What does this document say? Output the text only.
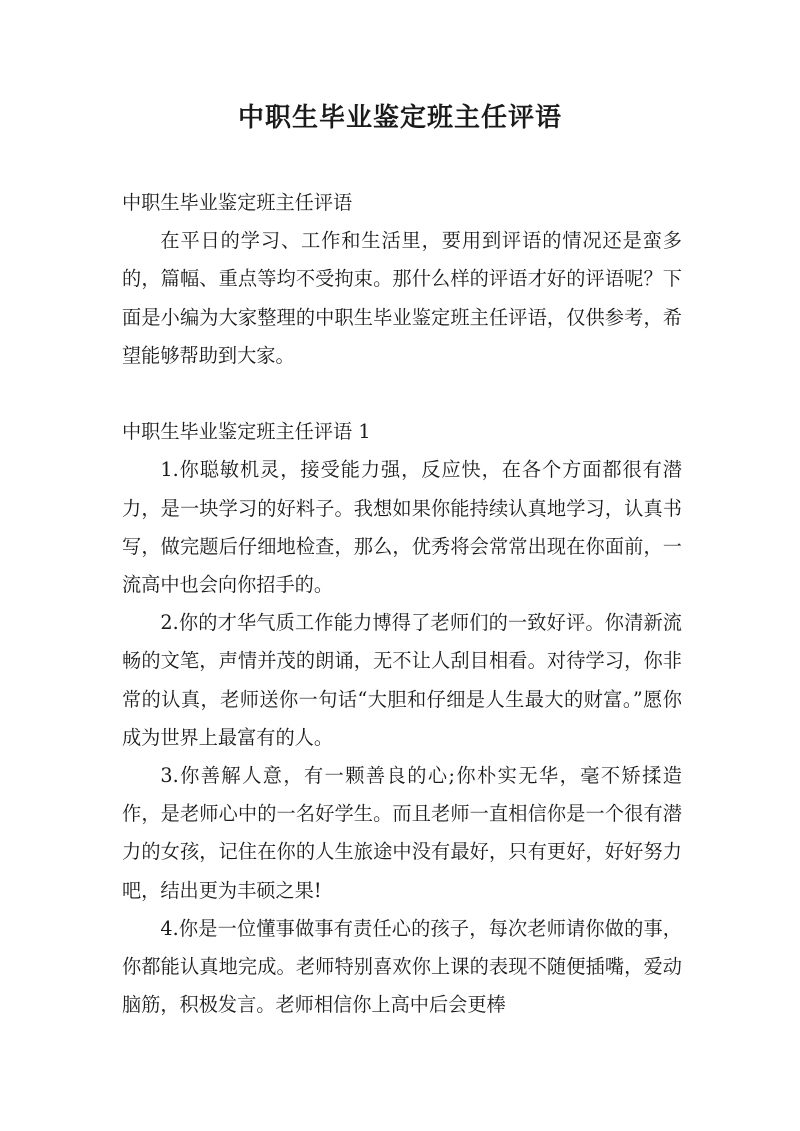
中职生毕业鉴定班主任评语

中职生毕业鉴定班主任评语

在平日的学习、工作和生活里，要用到评语的情况还是蛮多的，篇幅、重点等均不受拘束。那什么样的评语才好的评语呢？下面是小编为大家整理的中职生毕业鉴定班主任评语，仅供参考，希望能够帮助到大家。

中职生毕业鉴定班主任评语 1

1.你聪敏机灵，接受能力强，反应快，在各个方面都很有潜力，是一块学习的好料子。我想如果你能持续认真地学习，认真书写，做完题后仔细地检查，那么，优秀将会常常出现在你面前，一流高中也会向你招手的。

2.你的才华气质工作能力博得了老师们的一致好评。你清新流畅的文笔，声情并茂的朗诵，无不让人刮目相看。对待学习，你非常的认真，老师送你一句话“大胆和仔细是人生最大的财富。”愿你成为世界上最富有的人。

3.你善解人意，有一颗善良的心;你朴实无华，毫不矫揉造作，是老师心中的一名好学生。而且老师一直相信你是一个很有潜力的女孩，记住在你的人生旅途中没有最好，只有更好，好好努力吧，结出更为丰硕之果!

4.你是一位懂事做事有责任心的孩子，每次老师请你做的事，你都能认真地完成。老师特别喜欢你上课的表现不随便插嘴，爱动脑筋，积极发言。老师相信你上高中后会更棒
